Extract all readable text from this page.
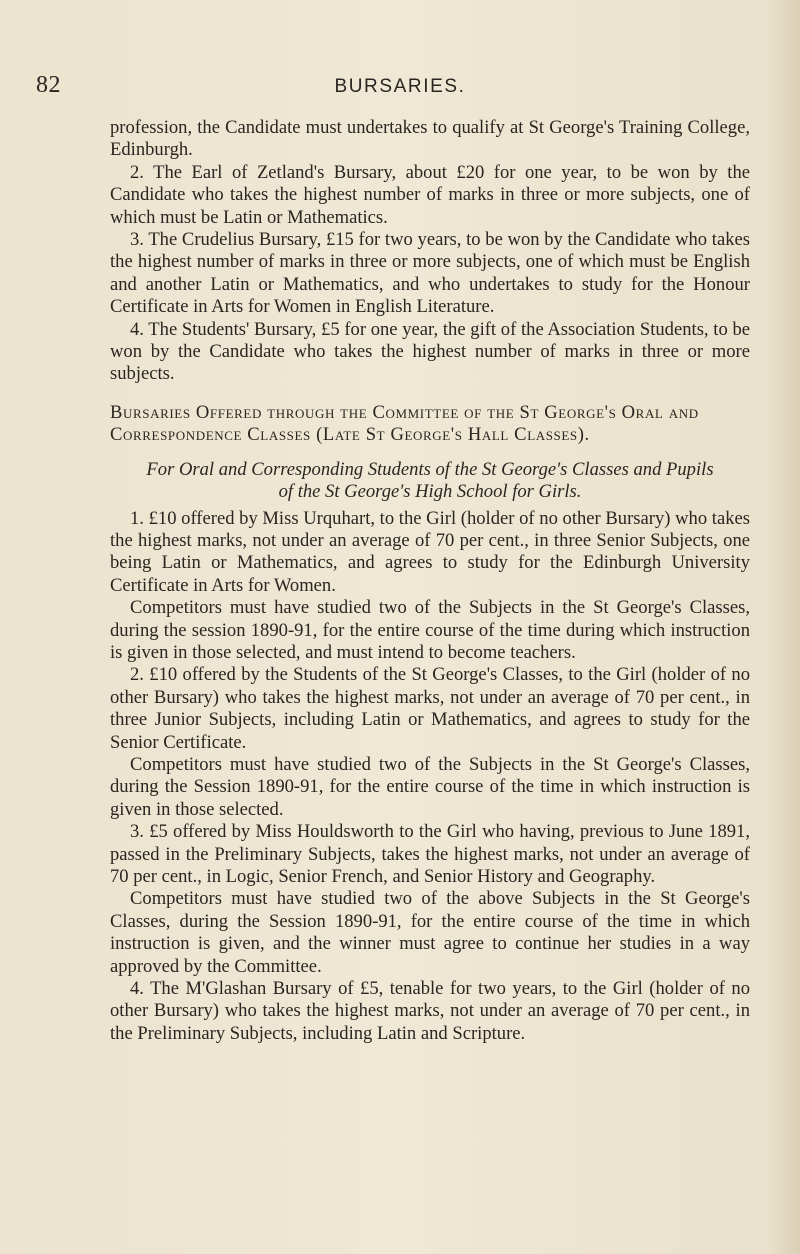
82	BURSARIES.

profession, the Candidate must undertakes to qualify at St George's Training College, Edinburgh.

2. The Earl of Zetland's Bursary, about £20 for one year, to be won by the Candidate who takes the highest number of marks in three or more subjects, one of which must be Latin or Mathematics.

3. The Crudelius Bursary, £15 for two years, to be won by the Candidate who takes the highest number of marks in three or more subjects, one of which must be English and another Latin or Mathematics, and who undertakes to study for the Honour Certificate in Arts for Women in English Literature.

4. The Students' Bursary, £5 for one year, the gift of the Association Students, to be won by the Candidate who takes the highest number of marks in three or more subjects.

Bursaries Offered through the Committee of the St George's Oral and Correspondence Classes (Late St George's Hall Classes).

For Oral and Corresponding Students of the St George's Classes and Pupils of the St George's High School for Girls.

1. £10 offered by Miss Urquhart, to the Girl (holder of no other Bursary) who takes the highest marks, not under an average of 70 per cent., in three Senior Subjects, one being Latin or Mathematics, and agrees to study for the Edinburgh University Certificate in Arts for Women.

Competitors must have studied two of the Subjects in the St George's Classes, during the session 1890-91, for the entire course of the time during which instruction is given in those selected, and must intend to become teachers.

2. £10 offered by the Students of the St George's Classes, to the Girl (holder of no other Bursary) who takes the highest marks, not under an average of 70 per cent., in three Junior Subjects, including Latin or Mathematics, and agrees to study for the Senior Certificate.

Competitors must have studied two of the Subjects in the St George's Classes, during the Session 1890-91, for the entire course of the time in which instruction is given in those selected.

3. £5 offered by Miss Houldsworth to the Girl who having, previous to June 1891, passed in the Preliminary Subjects, takes the highest marks, not under an average of 70 per cent., in Logic, Senior French, and Senior History and Geography.

Competitors must have studied two of the above Subjects in the St George's Classes, during the Session 1890-91, for the entire course of the time in which instruction is given, and the winner must agree to continue her studies in a way approved by the Committee.

4. The M'Glashan Bursary of £5, tenable for two years, to the Girl (holder of no other Bursary) who takes the highest marks, not under an average of 70 per cent., in the Preliminary Subjects, including Latin and Scripture.
